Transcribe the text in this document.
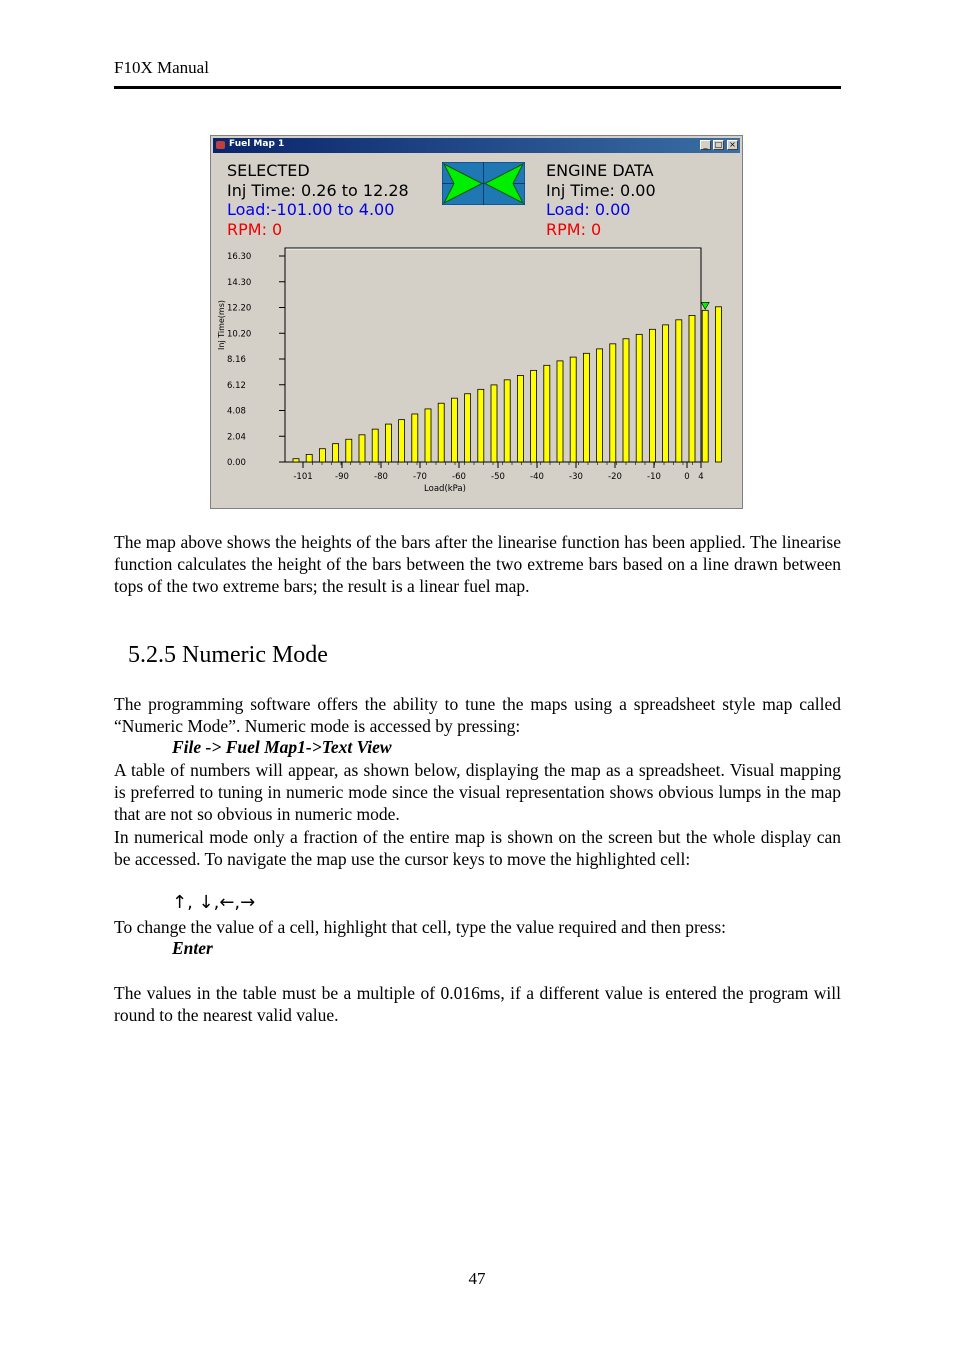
F10X Manual
Fuel Map 1	_ □ ×
SELECTED
Inj Time: 0.26 to 12.28
Load:-101.00 to 4.00
RPM: 0
ENGINE DATA
Inj Time: 0.00
Load: 0.00
RPM: 0
0.00
2.04
4.08
6.12
8.16
10.20
12.20
14.30
16.30
Inj Time(ms)
-101	-90	-80	-70	-60	-50	-40	-30	-20	-10	0 4
Load(kPa)
The map above shows the heights of the bars after the linearise function has been applied. The linearise function calculates the height of the bars between the two extreme bars based on a line drawn between tops of the two extreme bars; the result is a linear fuel map.
5.2.5 Numeric Mode
The programming software offers the ability to tune the maps using a spreadsheet style map called “Numeric Mode”. Numeric mode is accessed by pressing:
File -> Fuel Map1->Text View
A table of numbers will appear, as shown below, displaying the map as a spreadsheet. Visual mapping is preferred to tuning in numeric mode since the visual representation shows obvious lumps in the map that are not so obvious in numeric mode.
In numerical mode only a fraction of the entire map is shown on the screen but the whole display can be accessed. To navigate the map use the cursor keys to move the highlighted cell:
↑, ↓,←,→
To change the value of a cell, highlight that cell, type the value required and then press:
Enter
The values in the table must be a multiple of 0.016ms, if a different value is entered the program will round to the nearest valid value.
47
